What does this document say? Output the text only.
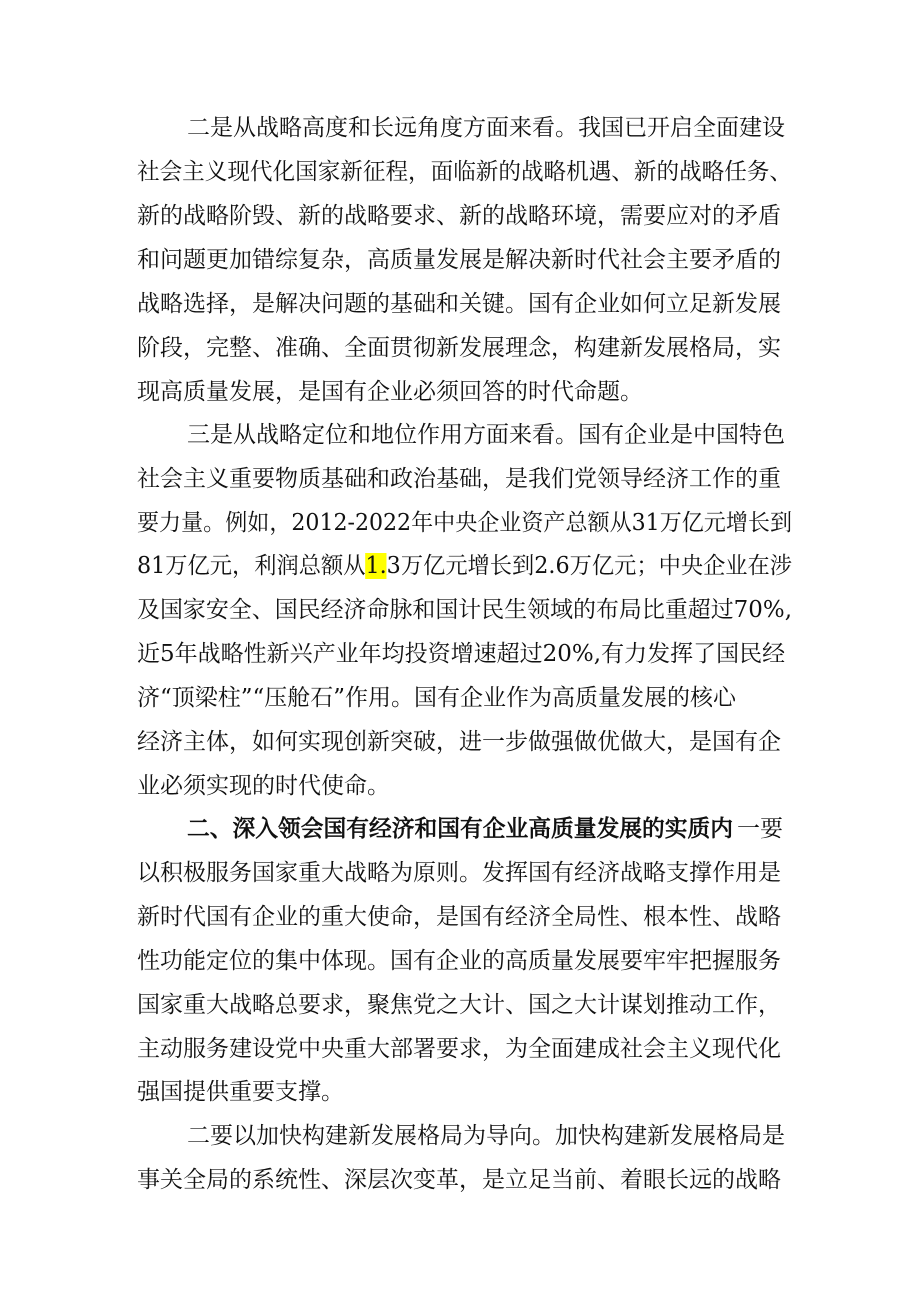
二是从战略高度和长远角度方面来看。我国已开启全面建设
社会主义现代化国家新征程，面临新的战略机遇、新的战略任务、
新的战略阶毁、新的战略要求、新的战略环境，需要应对的矛盾
和问题更加错综复杂，高质量发展是解决新时代社会主要矛盾的
战略选择，是解决问题的基础和关键。国有企业如何立足新发展
阶段，完整、准确、全面贯彻新发展理念，构建新发展格局，实
现高质量发展，是国有企业必须回答的时代命题。
三是从战略定位和地位作用方面来看。国有企业是中国特色
社会主义重要物质基础和政治基础，是我们党领导经济工作的重
要力量。例如，2012-2022年中央企业资产总额从31万亿元增长到
81万亿元，利润总额从1.3万亿元增长到2.6万亿元；中央企业在涉
及国家安全、国民经济命脉和国计民生领域的布局比重超过70%,
近5年战略性新兴产业年均投资增速超过20%,有力发挥了国民经
济“顶梁柱”“压舱石”作用。国有企业作为高质量发展的核心
经济主体，如何实现创新突破，进一步做强做优做大，是国有企
业必须实现的时代使命。
二、深入领会国有经济和国有企业高质量发展的实质内 一要
以积极服务国家重大战略为原则。发挥国有经济战略支撑作用是
新时代国有企业的重大使命，是国有经济全局性、根本性、战略
性功能定位的集中体现。国有企业的高质量发展要牢牢把握服务
国家重大战略总要求，聚焦党之大计、国之大计谋划推动工作，
主动服务建设党中央重大部署要求，为全面建成社会主义现代化
强国提供重要支撑。
二要以加快构建新发展格局为导向。加快构建新发展格局是
事关全局的系统性、深层次变革，是立足当前、着眼长远的战略
